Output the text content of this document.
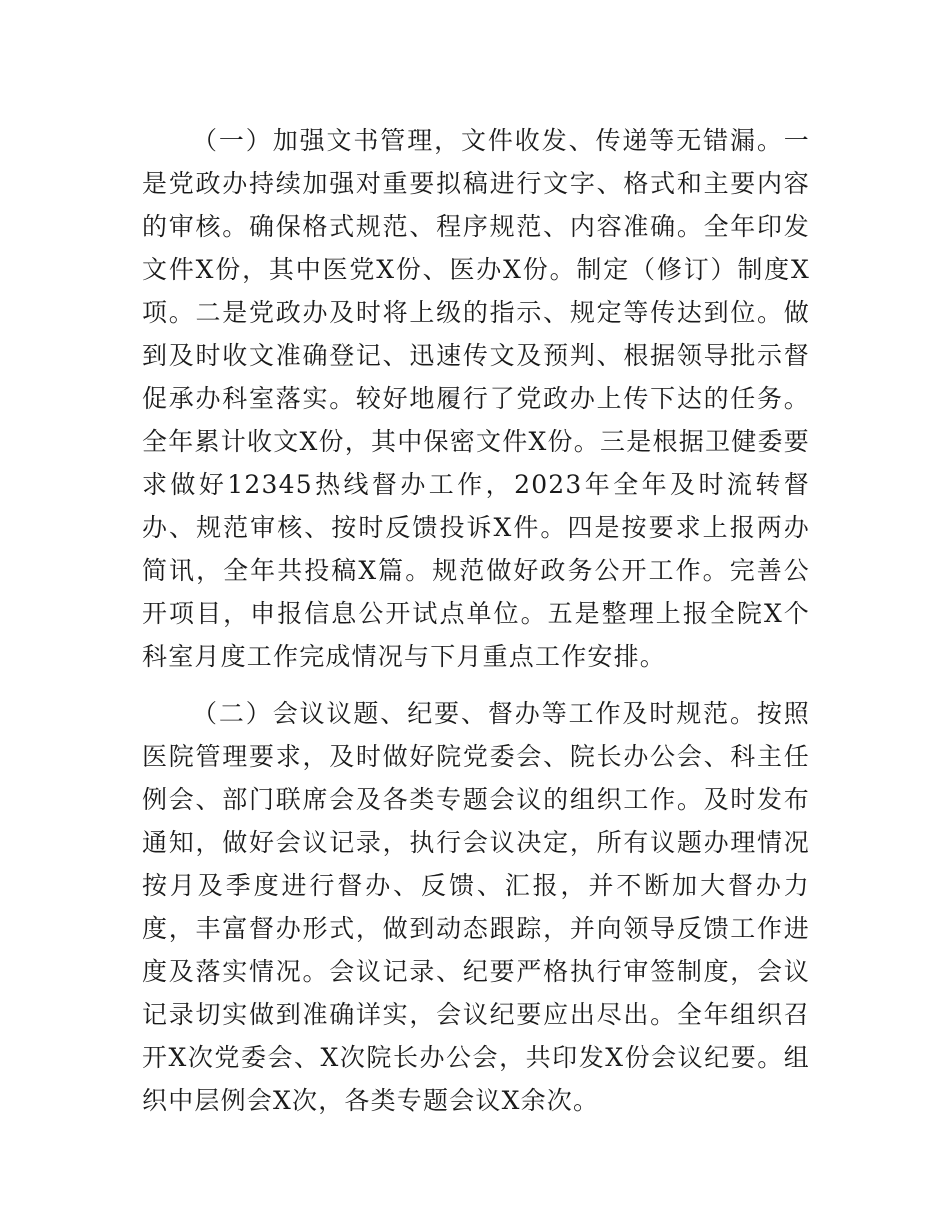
（一）加强文书管理，文件收发、传递等无错漏。一是党政办持续加强对重要拟稿进行文字、格式和主要内容的审核。确保格式规范、程序规范、内容准确。全年印发文件X份，其中医党X份、医办X份。制定（修订）制度X项。二是党政办及时将上级的指示、规定等传达到位。做到及时收文准确登记、迅速传文及预判、根据领导批示督促承办科室落实。较好地履行了党政办上传下达的任务。全年累计收文X份，其中保密文件X份。三是根据卫健委要求做好12345热线督办工作，2023年全年及时流转督办、规范审核、按时反馈投诉X件。四是按要求上报两办简讯，全年共投稿X篇。规范做好政务公开工作。完善公开项目，申报信息公开试点单位。五是整理上报全院X个科室月度工作完成情况与下月重点工作安排。

（二）会议议题、纪要、督办等工作及时规范。按照医院管理要求，及时做好院党委会、院长办公会、科主任例会、部门联席会及各类专题会议的组织工作。及时发布通知，做好会议记录，执行会议决定，所有议题办理情况按月及季度进行督办、反馈、汇报，并不断加大督办力度，丰富督办形式，做到动态跟踪，并向领导反馈工作进度及落实情况。会议记录、纪要严格执行审签制度，会议记录切实做到准确详实，会议纪要应出尽出。全年组织召开X次党委会、X次院长办公会，共印发X份会议纪要。组织中层例会X次，各类专题会议X余次。
